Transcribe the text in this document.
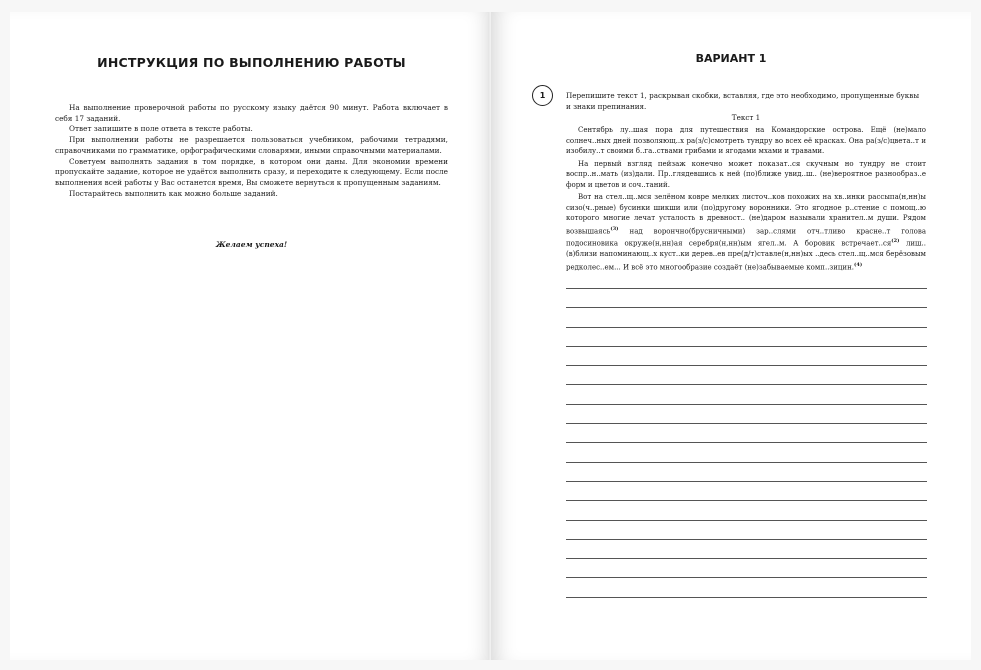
ИНСТРУКЦИЯ ПО ВЫПОЛНЕНИЮ РАБОТЫ

На выполнение проверочной работы по русскому языку даётся 90 минут. Работа включает в себя 17 заданий.

Ответ запишите в поле ответа в тексте работы.

При выполнении работы не разрешается пользоваться учебником, рабочими тетрадями, справочниками по грамматике, орфографическими словарями, иными справочными материалами.

Советуем выполнять задания в том порядке, в котором они даны. Для экономии времени пропускайте задание, которое не удаётся выполнить сразу, и переходите к следующему. Если после выполнения всей работы у Вас останется время, Вы сможете вернуться к пропущенным заданиям.

Постарайтесь выполнить как можно больше заданий.

Желаем успеха!
ВАРИАНТ 1
1	Перепишите текст 1, раскрывая скобки, вставляя, где это необходимо, пропущенные буквы и знаки препинания.
Текст 1

Сентябрь лу..шая пора для путешествия на Командорские острова. Ещё (не)мало солнеч..ных дней позволяющ..х ра(з/с)смотреть тундру во всех её красках. Она ра(з/с)цвета..т и изобилу..т своими б..га..ствами грибами и ягодами мхами и травами.

На первый взгляд пейзаж конечно может показат..ся скучным но тундру не стоит воспр..н..мать (из)дали. Пр..глядевшись к ней (по)ближе увид..ш.. (не)вероятное разнообраз..е форм и цветов и соч..таний.

Вот на стел..щ..мся зелёном ковре мелких листоч..ков похожих на хв..инки рассыпа(н,нн)ы сизо(ч..рные) бусинки шикши или (по)другому воронники. Это ягодное р..стение с помощ..ю которого многие лечат усталость в древност.. (не)даром называли хранител..м души. Рядом возвышаясь$^{(3)}$ над ворончно(брусничными) зар..слями отч..тливо красне..т голова подосиновика окруже(н,нн)ая серебря(н,нн)ым ягел..м. А боровик $встречает..ся^{(2)}$ лиш.. (в)близи напоминающ..х куст..ки дерев..ев пре(д/т)ставле(н,нн)ых ..десь стел..щ..мся берёзовым редколес..ем... И всё это многообразие создаёт (не)забываемые комп..зицин.$^{(4)}$
